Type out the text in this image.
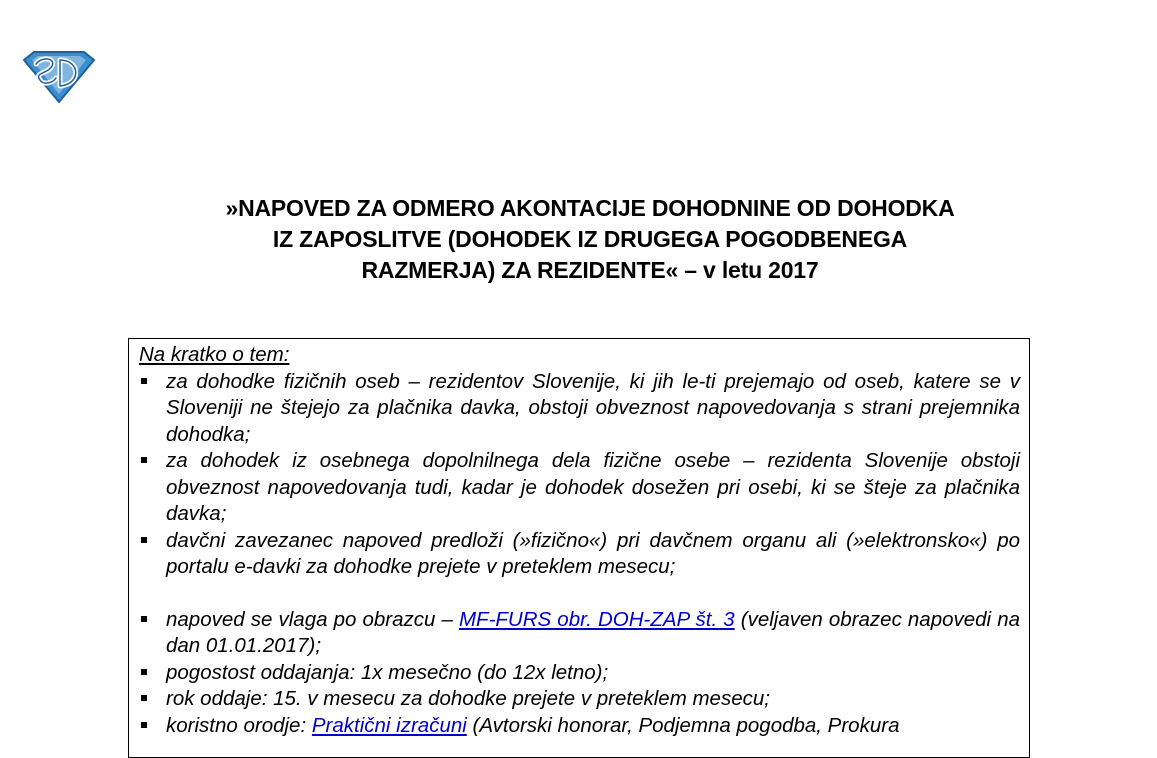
»NAPOVED ZA ODMERO AKONTACIJE DOHODNINE OD DOHODKA
IZ ZAPOSLITVE (DOHODEK IZ DRUGEGA POGODBENEGA
RAZMERJA) ZA REZIDENTE« – v letu 2017
Na kratko o tem:
za dohodke fizičnih oseb – rezidentov Slovenije, ki jih le-ti prejemajo od oseb, katere se v Sloveniji ne štejejo za plačnika davka, obstoji obveznost napovedovanja s strani prejemnika dohodka;
za dohodek iz osebnega dopolnilnega dela fizične osebe – rezidenta Slovenije obstoji obveznost napovedovanja tudi, kadar je dohodek dosežen pri osebi, ki se šteje za plačnika davka;
davčni zavezanec napoved predloži (»fizično«) pri davčnem organu ali (»elektronsko«) po portalu e-davki za dohodke prejete v preteklem mesecu;
napoved se vlaga po obrazcu – MF-FURS obr. DOH-ZAP št. 3 (veljaven obrazec napovedi na dan 01.01.2017);
pogostost oddajanja: 1x mesečno (do 12x letno);
rok oddaje: 15. v mesecu za dohodke prejete v preteklem mesecu;
koristno orodje: Praktični izračuni (Avtorski honorar, Podjemna pogodba, Prokura
